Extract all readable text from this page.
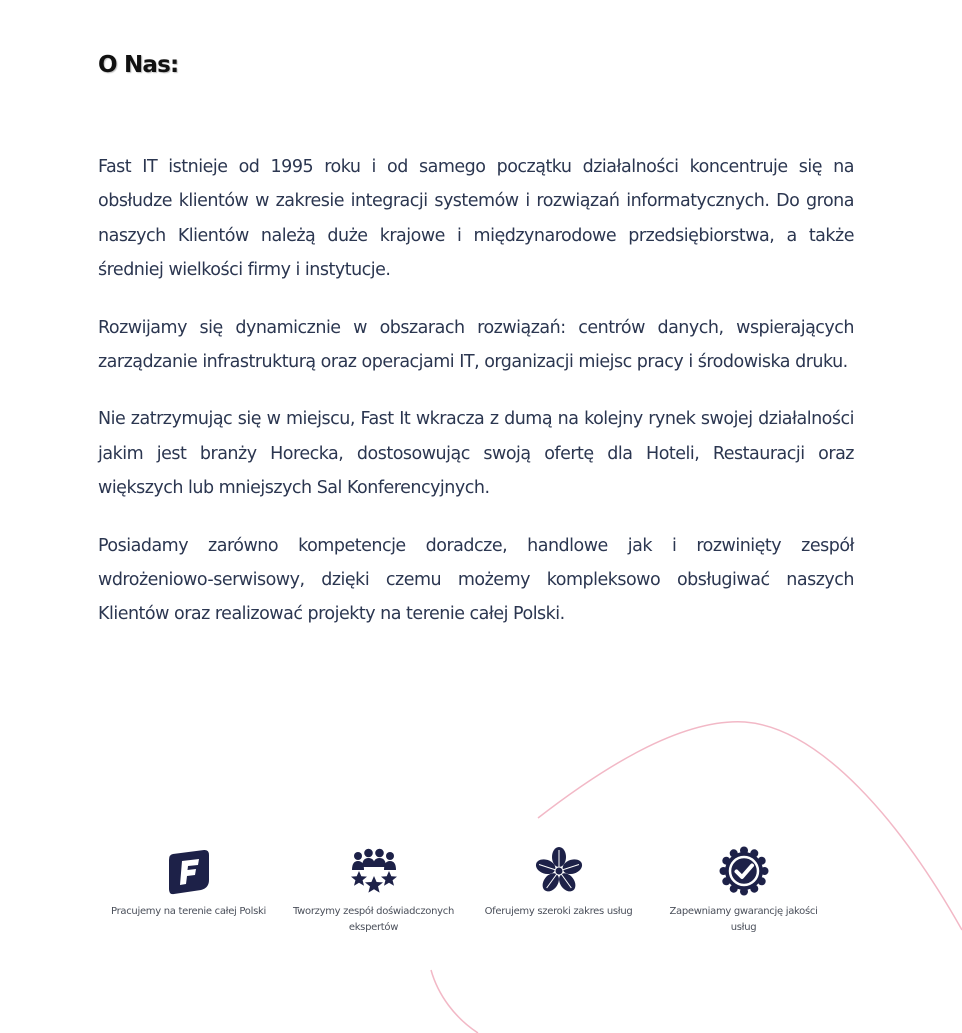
O Nas:

Fast IT istnieje od 1995 roku i od samego początku działalności koncentruje się na obsłudze klientów w zakresie integracji systemów i rozwiązań informatycznych. Do grona naszych Klientów należą duże krajowe i międzynarodowe przedsiębiorstwa, a także średniej wielkości firmy i instytucje.

Rozwijamy się dynamicznie w obszarach rozwiązań: centrów danych, wspierających zarządzanie infrastrukturą oraz operacjami IT, organizacji miejsc pracy i środowiska druku.

Nie zatrzymując się w miejscu, Fast It wkracza z dumą na kolejny rynek swojej działalności jakim jest branży Horecka, dostosowując swoją ofertę dla Hoteli, Restauracji oraz większych lub mniejszych Sal Konferencyjnych.

Posiadamy zarówno kompetencje doradcze, handlowe jak i rozwinięty zespół wdrożeniowo-serwisowy, dzięki czemu możemy kompleksowo obsługiwać naszych Klientów oraz realizować projekty na terenie całej Polski.

Pracujemy na terenie całej Polski	Tworzymy zespół doświadczonych ekspertów
Oferujemy szeroki zakres usług	Zapewniamy gwarancję jakości usług
